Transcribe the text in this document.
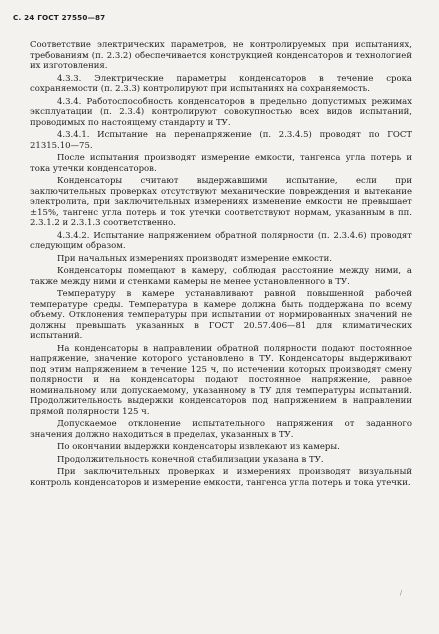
С. 24 ГОСТ 27550—87

Соответствие электрических параметров, не контролируемых при испытаниях, требованиям (п. 2.3.2) обеспечивается конструкцией конденсаторов и технологией их изготовления.

4.3.3. Электрические параметры конденсаторов в течение срока сохраняемости (п. 2.3.3) контролируют при испытаниях на сохраняемость.

4.3.4. Работоспособность конденсаторов в предельно допустимых режимах эксплуатации (п. 2.3.4) контролируют совокупностью всех видов испытаний, проводимых по настоящему стандарту и ТУ.

4.3.4.1. Испытание на перенапряжение (п. 2.3.4.5) проводят по ГОСТ 21315.10—75.

После испытания производят измерение емкости, тангенса угла потерь и тока утечки конденсаторов.

Конденсаторы считают выдержавшими испытание, если при заключительных проверках отсутствуют механические повреждения и вытекание электролита, при заключительных измерениях изменение емкости не превышает ±15%, тангенс угла потерь и ток утечки соответствуют нормам, указанным в пп. 2.3.1.2 и 2.3.1.3 соответственно.

4.3.4.2. Испытание напряжением обратной полярности (п. 2.3.4.6) проводят следующим образом.

При начальных измерениях производят измерение емкости.

Конденсаторы помещают в камеру, соблюдая расстояние между ними, а также между ними и стенками камеры не менее установленного в ТУ.

Температуру в камере устанавливают равной повышенной рабочей температуре среды. Температура в камере должна быть поддержана по всему объему. Отклонения температуры при испытании от нормированных значений не должны превышать указанных в ГОСТ 20.57.406—81 для климатических испытаний.

На конденсаторы в направлении обратной полярности подают постоянное напряжение, значение которого установлено в ТУ. Конденсаторы выдерживают под этим напряжением в течение 125 ч, по истечении которых производят смену полярности и на конденсаторы подают постоянное напряжение, равное номинальному или допускаемому, указанному в ТУ для температуры испытаний. Продолжительность выдержки конденсаторов под напряжением в направлении прямой полярности 125 ч.

Допускаемое отклонение испытательного напряжения от заданного значения должно находиться в пределах, указанных в ТУ.

По окончании выдержки конденсаторы извлекают из камеры.

Продолжительность конечной стабилизации указана в ТУ.

При заключительных проверках и измерениях производят визуальный контроль конденсаторов и измерение емкости, тангенса угла потерь и тока утечки.

/
